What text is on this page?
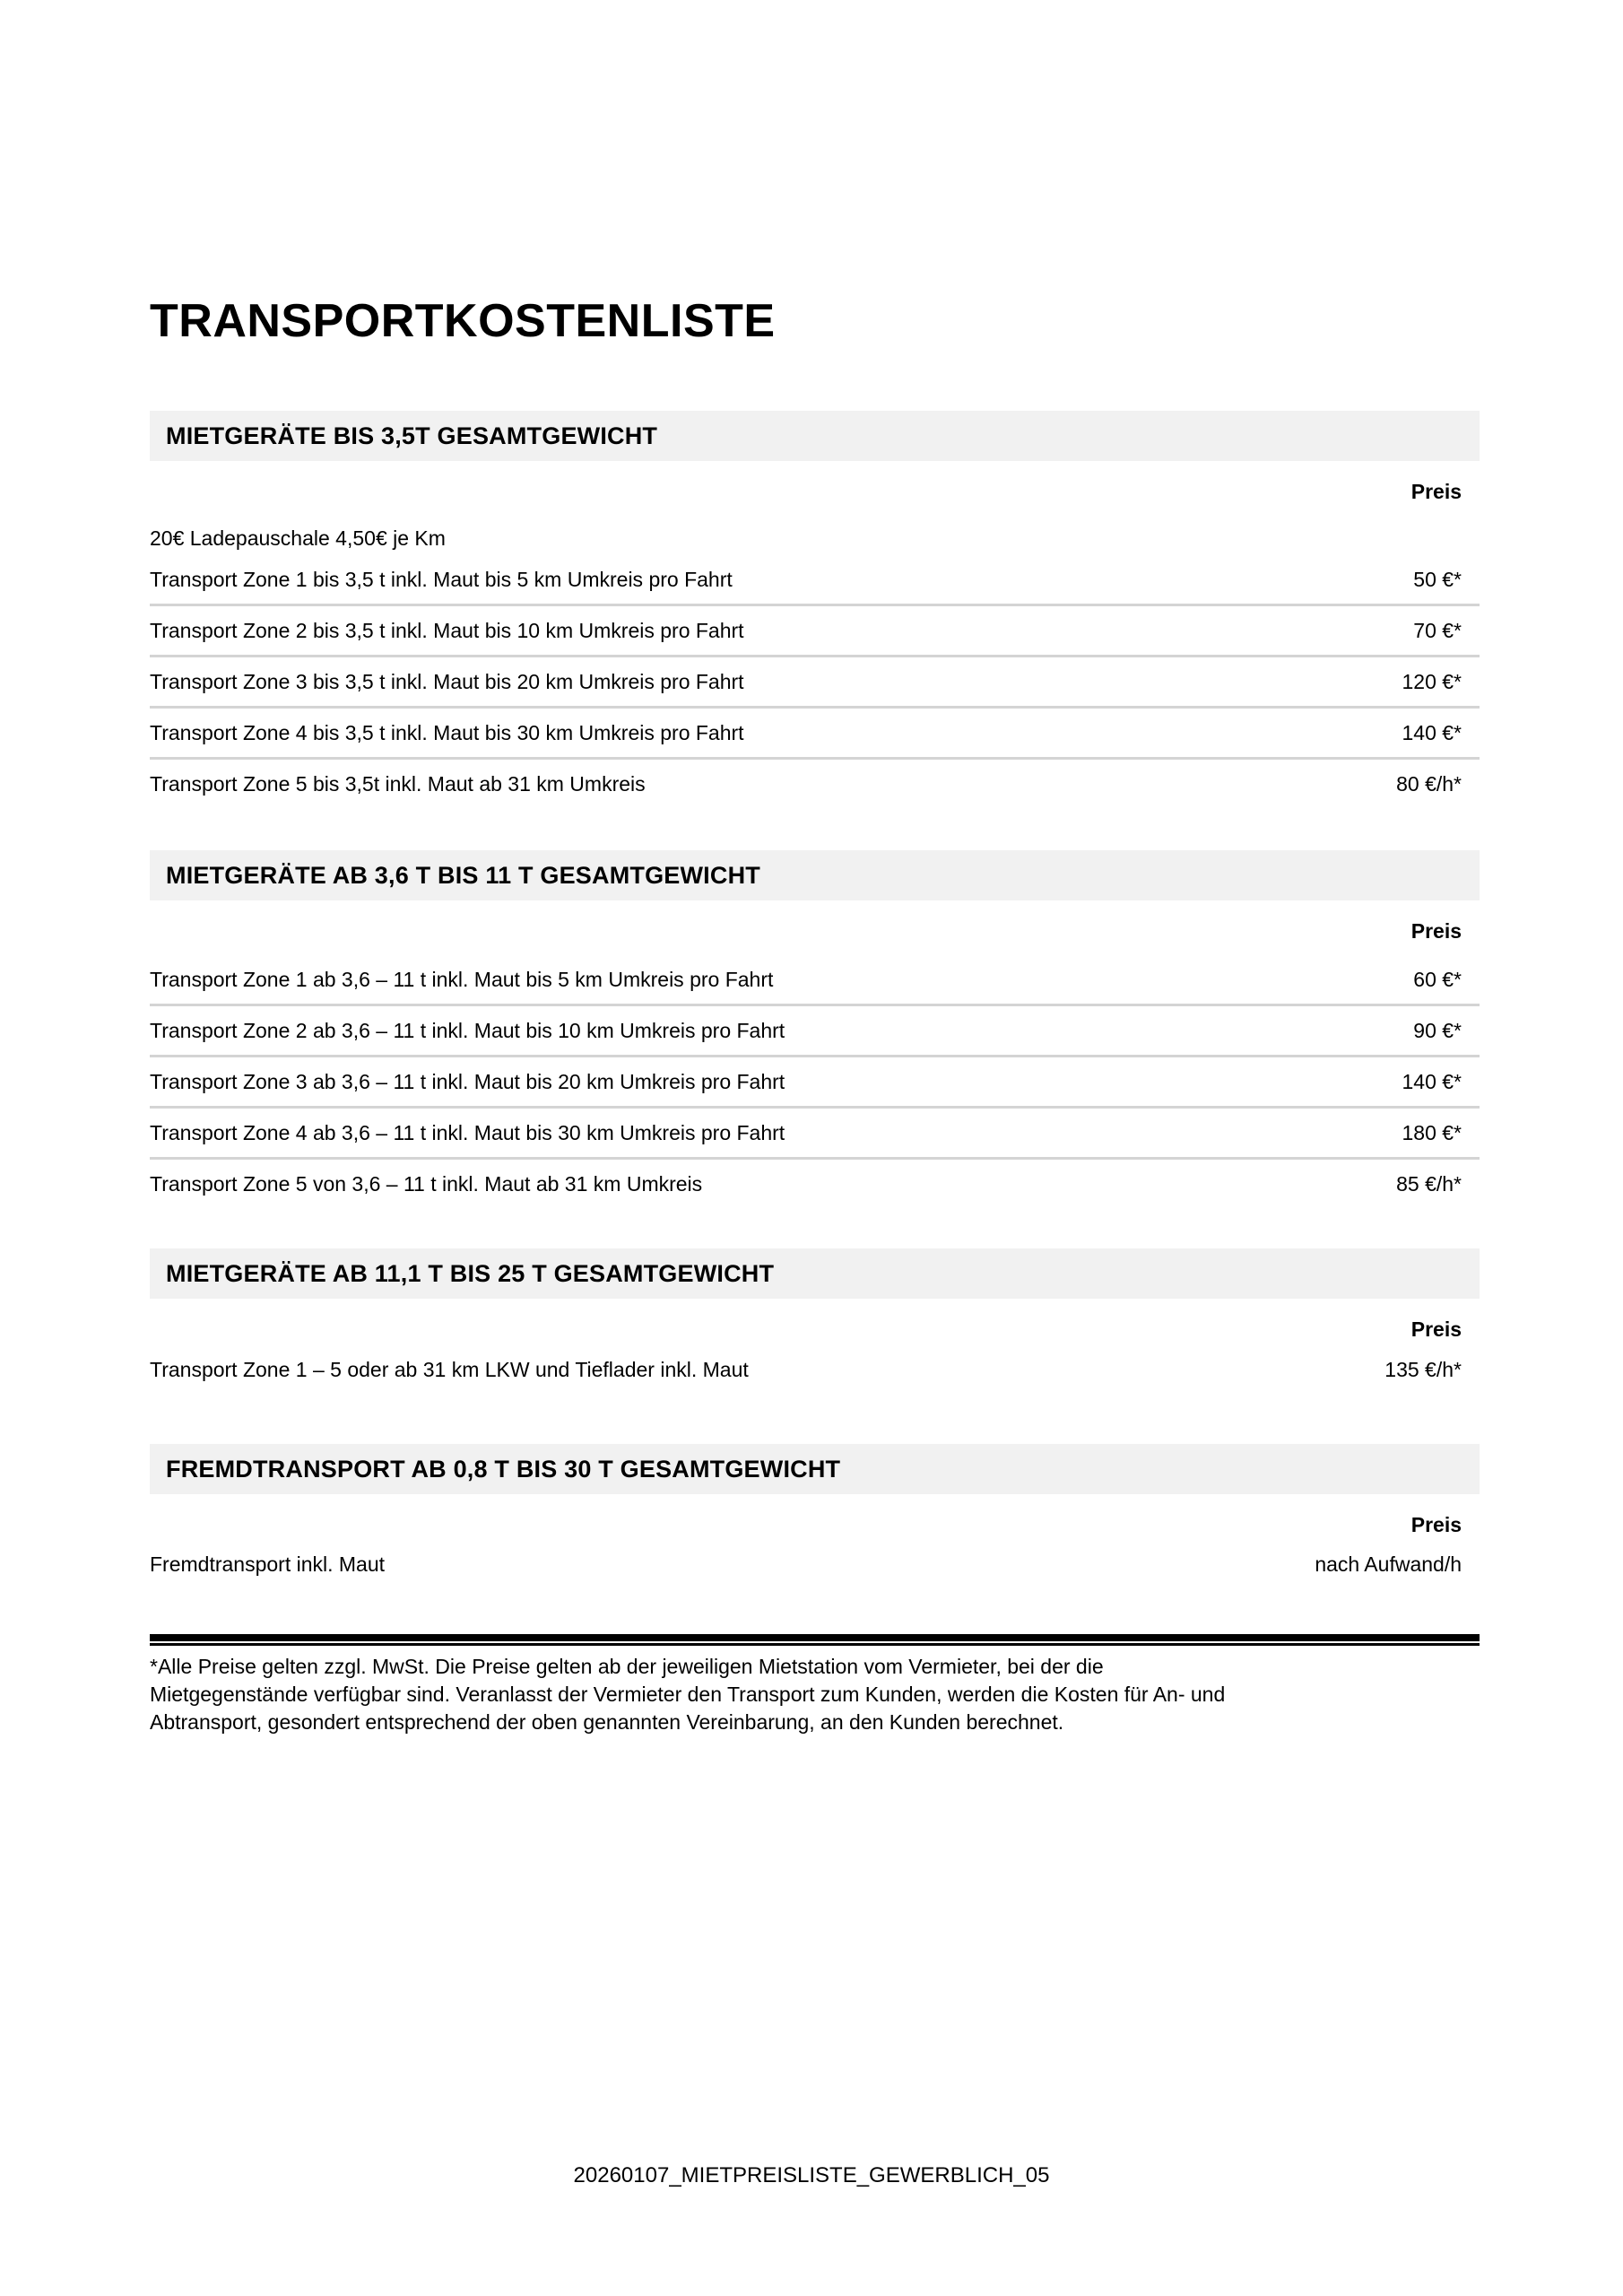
TRANSPORTKOSTENLISTE
MIETGERÄTE BIS 3,5T GESAMTGEWICHT
Preis
20€ Ladepauschale 4,50€ je Km
Transport Zone 1 bis 3,5 t inkl. Maut bis 5 km Umkreis pro Fahrt	50 €*
Transport Zone 2 bis 3,5 t inkl. Maut bis 10 km Umkreis pro Fahrt	70 €*
Transport Zone 3 bis 3,5 t inkl. Maut bis 20 km Umkreis pro Fahrt	120 €*
Transport Zone 4 bis 3,5 t inkl. Maut bis 30 km Umkreis pro Fahrt	140 €*
Transport Zone 5 bis 3,5t inkl. Maut ab 31 km Umkreis	80 €/h*
MIETGERÄTE AB 3,6 T BIS 11 T GESAMTGEWICHT
Preis
Transport Zone 1 ab 3,6 – 11 t inkl. Maut bis 5 km Umkreis pro Fahrt	60 €*
Transport Zone 2 ab 3,6 – 11 t inkl. Maut bis 10 km Umkreis pro Fahrt	90 €*
Transport Zone 3 ab 3,6 – 11 t inkl. Maut bis 20 km Umkreis pro Fahrt	140 €*
Transport Zone 4 ab 3,6 – 11 t inkl. Maut bis 30 km Umkreis pro Fahrt	180 €*
Transport Zone 5 von 3,6 – 11 t inkl. Maut ab 31 km Umkreis	85 €/h*
MIETGERÄTE AB 11,1 T BIS 25 T GESAMTGEWICHT
Preis
Transport Zone 1 – 5 oder ab 31 km LKW und Tieflader inkl. Maut	135 €/h*
FREMDTRANSPORT AB 0,8 T BIS 30 T GESAMTGEWICHT
Preis
Fremdtransport inkl. Maut	nach Aufwand/h
*Alle Preise gelten zzgl. MwSt. Die Preise gelten ab der jeweiligen Mietstation vom Vermieter, bei der die
Mietgegenstände verfügbar sind. Veranlasst der Vermieter den Transport zum Kunden, werden die Kosten für An- und
Abtransport, gesondert entsprechend der oben genannten Vereinbarung, an den Kunden berechnet.
20260107_MIETPREISLISTE_GEWERBLICH_05
